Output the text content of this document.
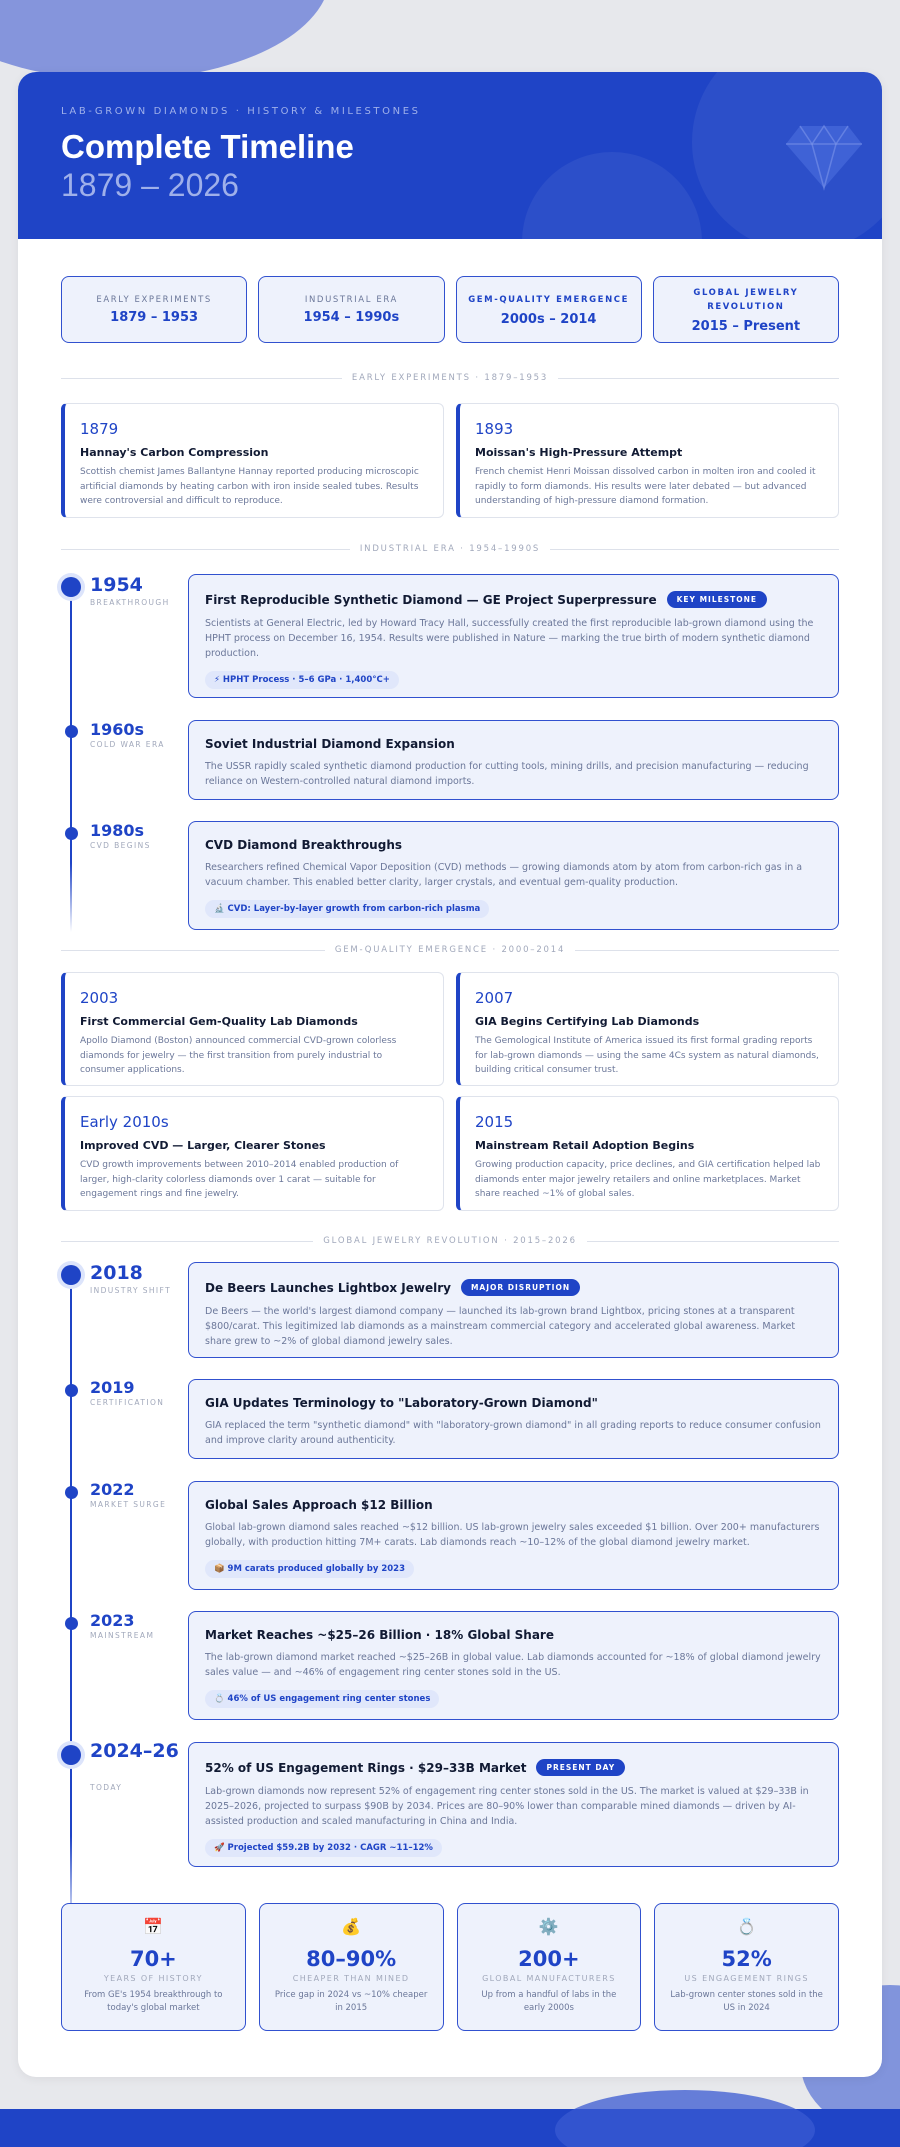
LAB-GROWN DIAMONDS · HISTORY & MILESTONES
Complete Timeline
1879 – 2026
EARLY EXPERIMENTS
1879 – 1953
INDUSTRIAL ERA
1954 – 1990s
GEM-QUALITY EMERGENCE
2000s – 2014
GLOBAL JEWELRY REVOLUTION
2015 – Present
EARLY EXPERIMENTS · 1879–1953
1879
Hannay's Carbon Compression
Scottish chemist James Ballantyne Hannay reported producing microscopic artificial diamonds by heating carbon with iron inside sealed tubes. Results were controversial and difficult to reproduce.
1893
Moissan's High-Pressure Attempt
French chemist Henri Moissan dissolved carbon in molten iron and cooled it rapidly to form diamonds. His results were later debated — but advanced understanding of high-pressure diamond formation.
INDUSTRIAL ERA · 1954–1990S
1954
BREAKTHROUGH	First Reproducible Synthetic Diamond — GE Project Superpressure	KEY MILESTONE
Scientists at General Electric, led by Howard Tracy Hall, successfully created the first reproducible lab-grown diamond using the HPHT process on December 16, 1954. Results were published in Nature — marking the true birth of modern synthetic diamond production.
⚡ HPHT Process · 5–6 GPa · 1,400°C+
1960s
COLD WAR ERA	Soviet Industrial Diamond Expansion
The USSR rapidly scaled synthetic diamond production for cutting tools, mining drills, and precision manufacturing — reducing reliance on Western-controlled natural diamond imports.
1980s
CVD BEGINS	CVD Diamond Breakthroughs
Researchers refined Chemical Vapor Deposition (CVD) methods — growing diamonds atom by atom from carbon-rich gas in a vacuum chamber. This enabled better clarity, larger crystals, and eventual gem-quality production.
🔬 CVD: Layer-by-layer growth from carbon-rich plasma
GEM-QUALITY EMERGENCE · 2000–2014
2003
First Commercial Gem-Quality Lab Diamonds
Apollo Diamond (Boston) announced commercial CVD-grown colorless diamonds for jewelry — the first transition from purely industrial to consumer applications.
2007
GIA Begins Certifying Lab Diamonds
The Gemological Institute of America issued its first formal grading reports for lab-grown diamonds — using the same 4Cs system as natural diamonds, building critical consumer trust.
Early 2010s
Improved CVD — Larger, Clearer Stones
CVD growth improvements between 2010–2014 enabled production of larger, high-clarity colorless diamonds over 1 carat — suitable for engagement rings and fine jewelry.
2015
Mainstream Retail Adoption Begins
Growing production capacity, price declines, and GIA certification helped lab diamonds enter major jewelry retailers and online marketplaces. Market share reached ~1% of global sales.
GLOBAL JEWELRY REVOLUTION · 2015–2026
2018
INDUSTRY SHIFT	De Beers Launches Lightbox Jewelry	MAJOR DISRUPTION
De Beers — the world's largest diamond company — launched its lab-grown brand Lightbox, pricing stones at a transparent $800/carat. This legitimized lab diamonds as a mainstream commercial category and accelerated global awareness. Market share grew to ~2% of global diamond jewelry sales.
2019
CERTIFICATION	GIA Updates Terminology to "Laboratory-Grown Diamond"
GIA replaced the term "synthetic diamond" with "laboratory-grown diamond" in all grading reports to reduce consumer confusion and improve clarity around authenticity.
2022
MARKET SURGE	Global Sales Approach $12 Billion
Global lab-grown diamond sales reached ~$12 billion. US lab-grown jewelry sales exceeded $1 billion. Over 200+ manufacturers globally, with production hitting 7M+ carats. Lab diamonds reach ~10–12% of the global diamond jewelry market.
📦 9M carats produced globally by 2023
2023
MAINSTREAM	Market Reaches ~$25–26 Billion · 18% Global Share
The lab-grown diamond market reached ~$25–26B in global value. Lab diamonds accounted for ~18% of global diamond jewelry sales value — and ~46% of engagement ring center stones sold in the US.
💍 46% of US engagement ring center stones
2024–26
TODAY
52% of US Engagement Rings · $29–33B Market	PRESENT DAY
Lab-grown diamonds now represent 52% of engagement ring center stones sold in the US. The market is valued at $29–33B in 2025–2026, projected to surpass $90B by 2034. Prices are 80–90% lower than comparable mined diamonds — driven by AI-assisted production and scaled manufacturing in China and India.
🚀 Projected $59.2B by 2032 · CAGR ~11–12%
📅
70+
YEARS OF HISTORY
From GE's 1954 breakthrough to today's global market
💰
80–90%
CHEAPER THAN MINED
Price gap in 2024 vs ~10% cheaper in 2015
⚙️
200+
GLOBAL MANUFACTURERS
Up from a handful of labs in the early 2000s
💍
52%
US ENGAGEMENT RINGS
Lab-grown center stones sold in the US in 2024
